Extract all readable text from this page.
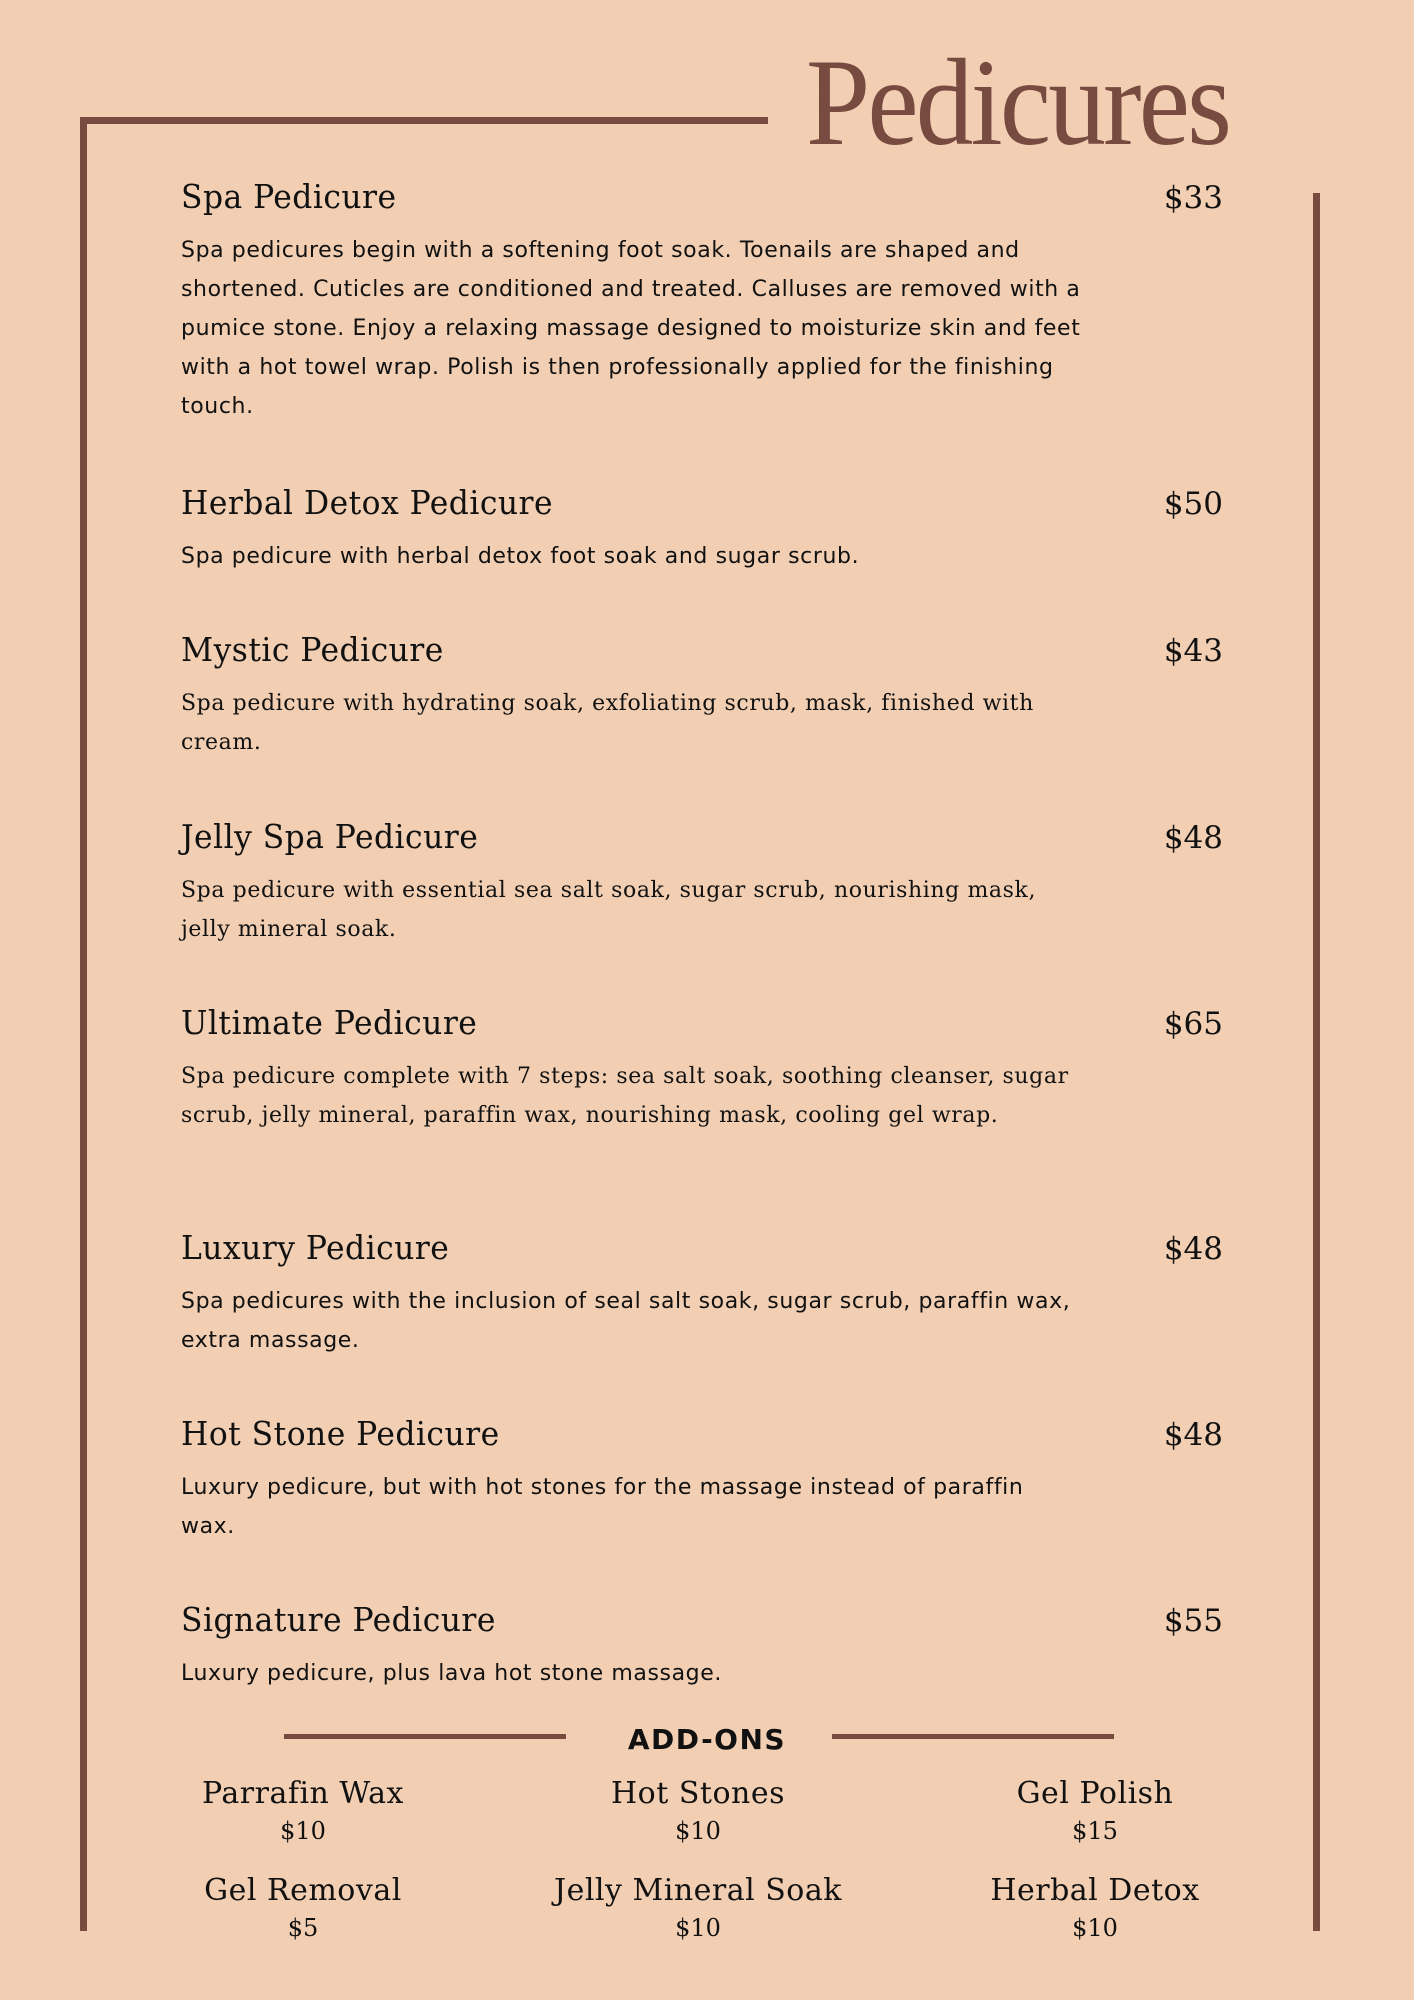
Pedicures
Spa Pedicure	$33

Spa pedicures begin with a softening foot soak. Toenails are shaped and shortened. Cuticles are conditioned and treated. Calluses are removed with a pumice stone. Enjoy a relaxing massage designed to moisturize skin and feet with a hot towel wrap. Polish is then professionally applied for the finishing touch.

Herbal Detox Pedicure	$50

Spa pedicure with herbal detox foot soak and sugar scrub.

Mystic Pedicure	$43

Spa pedicure with hydrating soak, exfoliating scrub, mask, finished with cream.

Jelly Spa Pedicure	$48

Spa pedicure with essential sea salt soak, sugar scrub, nourishing mask, jelly mineral soak.

Ultimate Pedicure	$65

Spa pedicure complete with 7 steps: sea salt soak, soothing cleanser, sugar scrub, jelly mineral, paraffin wax, nourishing mask, cooling gel wrap.

Luxury Pedicure	$48

Spa pedicures with the inclusion of seal salt soak, sugar scrub, paraffin wax, extra massage.

Hot Stone Pedicure	$48

Luxury pedicure, but with hot stones for the massage instead of paraffin wax.

Signature Pedicure	$55

Luxury pedicure, plus lava hot stone massage.

ADD-ONS
Parrafin Wax
$10
Hot Stones
$10
Gel Polish
$15
Gel Removal
$5
Jelly Mineral Soak
$10
Herbal Detox
$10
